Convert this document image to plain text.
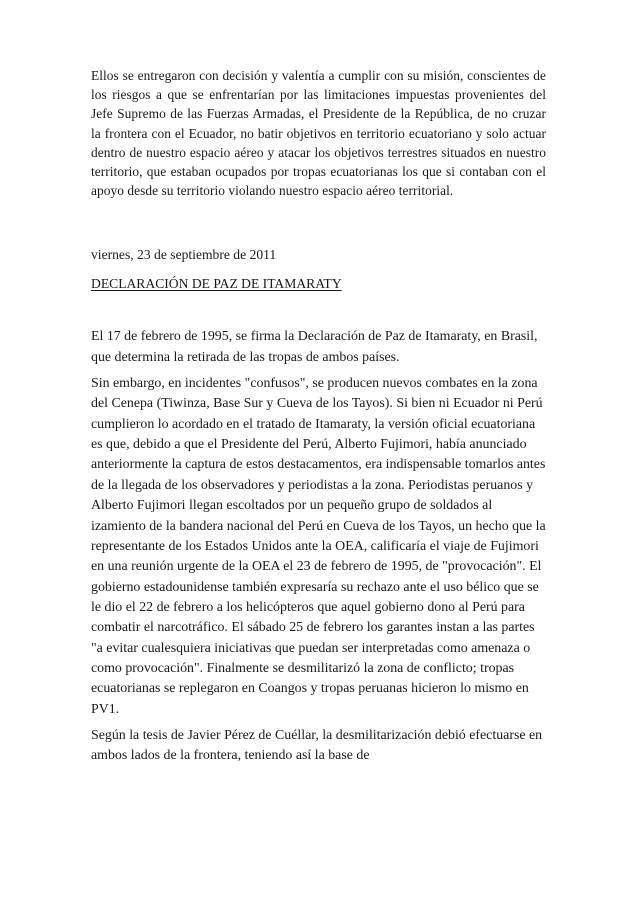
Ellos se entregaron con decisión y valentía a cumplir con su misión, conscientes de los riesgos a que se enfrentarían por las limitaciones impuestas provenientes del Jefe Supremo de las Fuerzas Armadas, el Presidente de la República, de no cruzar la frontera con el Ecuador, no batir objetivos en territorio ecuatoriano y solo actuar dentro de nuestro espacio aéreo y atacar los objetivos terrestres situados en nuestro territorio, que estaban ocupados por tropas ecuatorianas los que si contaban con el apoyo desde su territorio violando nuestro espacio aéreo territorial.

viernes, 23 de septiembre de 2011

DECLARACIÓN DE PAZ DE ITAMARATY

El 17 de febrero de 1995, se firma la Declaración de Paz de Itamaraty, en Brasil, que determina la retirada de las tropas de ambos países.

Sin embargo, en incidentes "confusos", se producen nuevos combates en la zona del Cenepa (Tiwinza, Base Sur y Cueva de los Tayos). Si bien ni Ecuador ni Perú cumplieron lo acordado en el tratado de Itamaraty, la versión oficial ecuatoriana es que, debido a que el Presidente del Perú, Alberto Fujimori, había anunciado anteriormente la captura de estos destacamentos, era indispensable tomarlos antes de la llegada de los observadores y periodistas a la zona. Periodistas peruanos y Alberto Fujimori llegan escoltados por un pequeño grupo de soldados al izamiento de la bandera nacional del Perú en Cueva de los Tayos, un hecho que la representante de los Estados Unidos ante la OEA, calificaría el viaje de Fujimori en una reunión urgente de la OEA el 23 de febrero de 1995, de "provocación". El gobierno estadounidense también expresaría su rechazo ante el uso bélico que se le dio el 22 de febrero a los helicópteros que aquel gobierno dono al Perú para combatir el narcotráfico. El sábado 25 de febrero los garantes instan a las partes "a evitar cualesquiera iniciativas que puedan ser interpretadas como amenaza o como provocación". Finalmente se desmilitarizó la zona de conflicto; tropas ecuatorianas se replegaron en Coangos y tropas peruanas hicieron lo mismo en PV1.

Según la tesis de Javier Pérez de Cuéllar, la desmilitarización debió efectuarse en ambos lados de la frontera, teniendo así la base de
